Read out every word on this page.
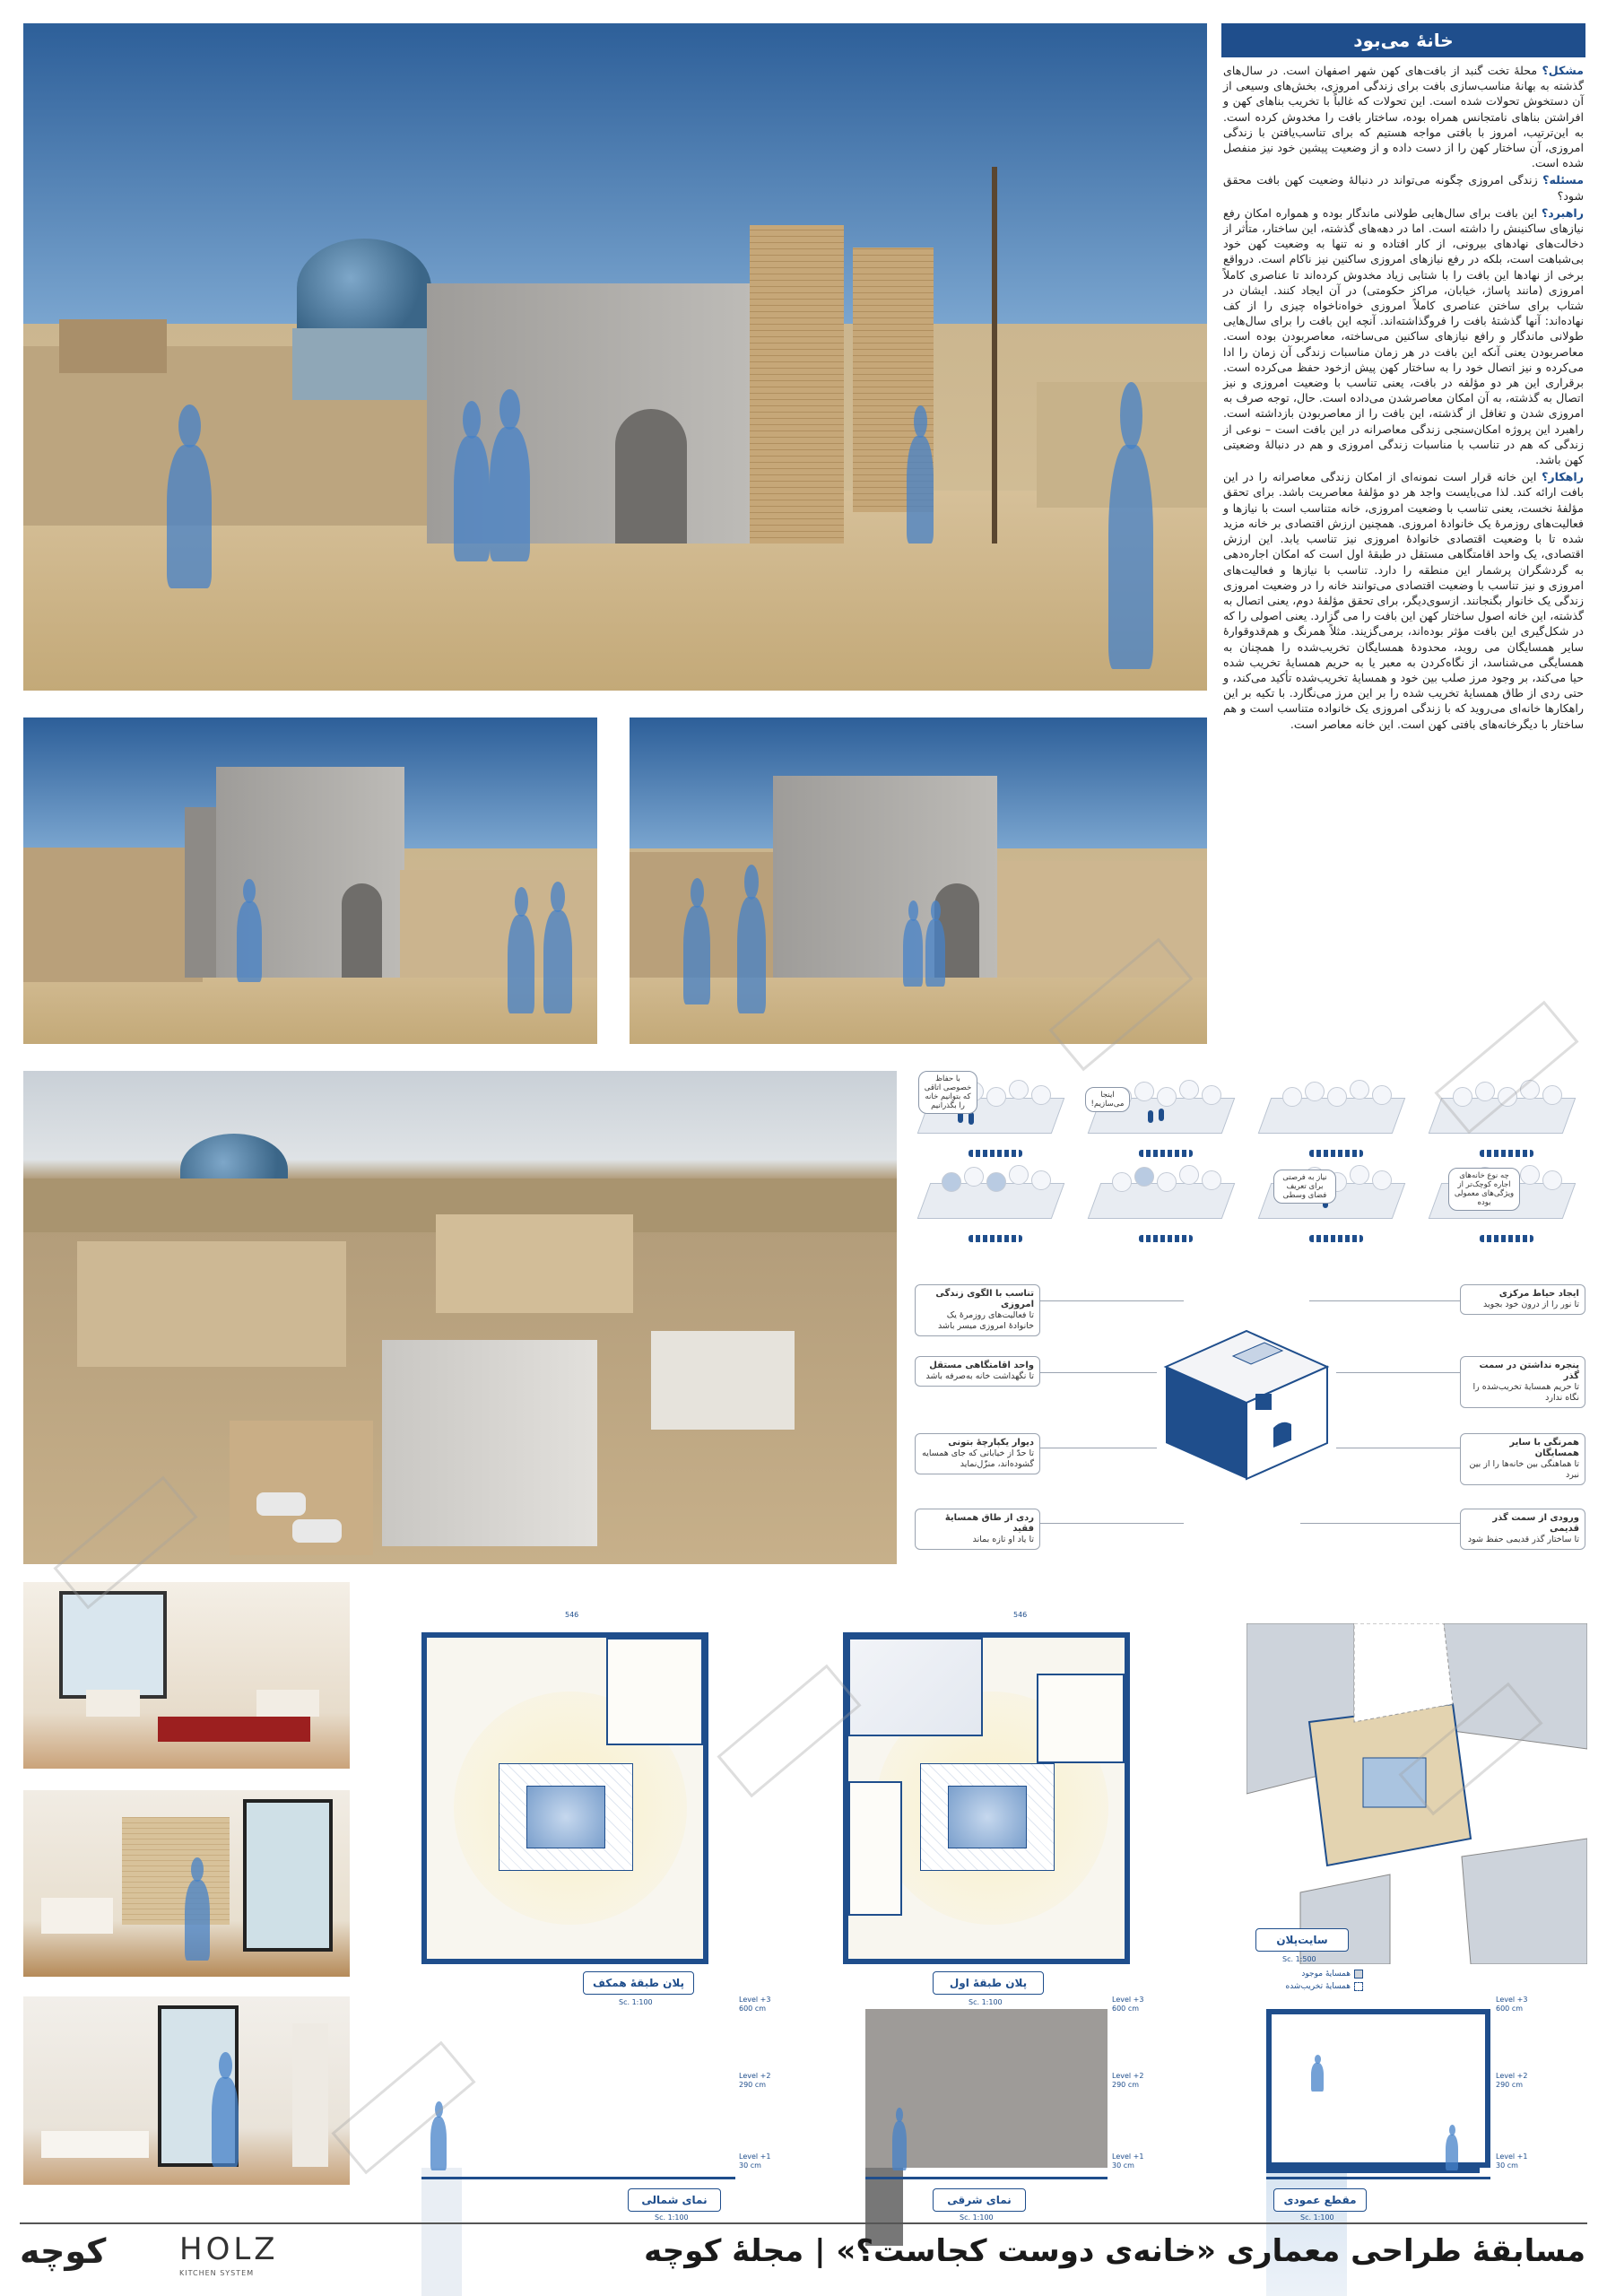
خانهٔ می‌بود

مشکل؟ محلهٔ تخت گنبد از بافت‌های کهن شهر اصفهان است. در سال‌های گذشته به بهانهٔ مناسب‌سازی بافت برای زندگی امروزی، بخش‌های وسیعی از آن دستخوش تحولات شده است. این تحولات که غالباً با تخریب بناهای کهن و افراشتن بناهای نامتجانس همراه بوده، ساختار بافت را مخدوش کرده است. به این‌ترتیب، امروز با بافتی مواجه هستیم که برای تناسب‌یافتن با زندگی امروزی، آن ساختار کهن را از دست داده و از وضعیت پیشین خود نیز منفصل شده است.

مسئله؟ زندگی امروزی چگونه می‌تواند در دنبالهٔ وضعیت کهن بافت محقق شود؟

راهبرد؟ این بافت برای سال‌هایی طولانی ماندگار بوده و همواره امکان رفع نیازهای ساکنینش را داشته است. اما در دهه‌های گذشته، این ساختار، متأثر از دخالت‌های نهادهای بیرونی، از کار افتاده و نه تنها به وضعیت کهن خود بی‌شباهت است، بلکه در رفع نیازهای امروزی ساکنین نیز ناکام است. درواقع برخی از نهادها این بافت را با شتابی زیاد مخدوش کرده‌اند تا عناصری کاملاً امروزی (مانند پاساژ، خیابان، مراکز حکومتی) در آن ایجاد کنند. ایشان در شتاب برای ساختن عناصری کاملاً امروزی خواه‌ناخواه چیزی را از کف نهاده‌اند: آنها گذشتهٔ بافت را فروگذاشته‌اند. آنچه این بافت را برای سال‌هایی طولانی ماندگار و رافع نیازهای ساکنین می‌ساخته، معاصربودن بوده است. معاصربودن یعنی آنکه این بافت در هر زمان مناسبات زندگی آن زمان را ادا می‌کرده و نیز اتصال خود را به ساختار کهن پیش ازخود حفظ می‌کرده است. برقراری این هر دو مؤلفه در بافت، یعنی تناسب با وضعیت امروزی و نیز اتصال به گذشته، به آن امکان معاصرشدن می‌داده است. حال، توجه صرف به امروزی شدن و تغافل از گذشته، این بافت را از معاصربودن بازداشته است. راهبرد این پروژه امکان‌سنجی زندگی معاصرانه در این بافت است – نوعی از زندگی که هم در تناسب با مناسبات زندگی امروزی و هم در دنبالهٔ وضعیتی کهن باشد.

راهکار؟ این خانه قرار است نمونه‌ای از امکان زندگی معاصرانه را در این بافت ارائه کند. لذا می‌بایست واجد هر دو مؤلفهٔ معاصریت باشد. برای تحقق مؤلفهٔ نخست، یعنی تناسب با وضعیت امروزی، خانه متناسب است با نیازها و فعالیت‌های روزمرهٔ یک خانوادهٔ امروزی. همچنین ارزش اقتصادی بر خانه مزید شده تا با وضعیت اقتصادی خانوادهٔ امروزی نیز تناسب یابد. این ارزش اقتصادی، یک واحد اقامتگاهی مستقل در طبقهٔ اول است که امکان اجاره‌دهی به گردشگران پرشمار این منطقه را دارد. تناسب با نیازها و فعالیت‌های امروزی و نیز تناسب با وضعیت اقتصادی می‌توانند خانه را در وضعیت امروزی زندگی یک خانوار بگنجانند. ازسوی‌دیگر، برای تحقق مؤلفهٔ دوم، یعنی اتصال به گذشته، این خانه اصول ساختار کهن این بافت را می گزارد. یعنی اصولی را که در شکل‌گیری این بافت مؤثر بوده‌اند، برمی‌گزیند. مثلاً همرنگ و هم‌قدوقوارهٔ سایر همسایگان می روید، محدودهٔ همسایگان تخریب‌شده را همچنان به همسایگی می‌شناسد، از نگاه‌کردن به معبر یا به حریم همسایهٔ تخریب شده حیا می‌کند، بر وجود مرز صلب بین خود و همسایهٔ تخریب‌شده تأکید می‌کند، و حتی ردی از طاق همسایهٔ تخریب شده را بر این مرز می‌نگارد. با تکیه بر این راهکارها خانه‌ای می‌روید که با زندگی امروزی یک خانواده متناسب است و هم ساختار با دیگرخانه‌های بافتی کهن است. این خانه معاصر است.

با حفاظ خصوصی اتاقی که بتوانیم خانه را بگذرانیم
اینجا می‌سازیم!
نیاز به فرصتی برای تعریف فضای وسطی
چه نوع خانه‌های اجاره کوچک‌تر از ویژگی‌های معمولی بوده
تناسب با الگوی زندگی امروزی
تا فعالیت‌های روزمرهٔ یک خانوادهٔ امروزی میسر باشد
واحد اقامتگاهی مستقل
تا نگهداشت خانه به‌صرفه باشد
دیوار یکپارچهٔ بتونی
تا حدّ از خیابانی که جای همسایه گشوده‌اند، منزّل‌نماید
ردی از طاق همسایهٔ فقید
تا یاد او تازه بماند
ایجاد حیاط مرکزی
تا نور را از درون خود بجوید
پنجره نداشتن در سمت گذر
تا حریم همسایهٔ تخریب‌شده را نگاه ندارد
همرنگی با سایر همسایگان
تا هماهنگی بین خانه‌ها را از بین نبرد
ورودی از سمت گذر قدیمی
تا ساختار گذر قدیمی حفظ شود
546
پلان طبقهٔ همکف
Sc. 1:100
546
پلان طبقهٔ اول
Sc. 1:100
سایت‌پلان
Sc. 1:500
همسایهٔ موجود
همسایهٔ تخریب‌شده
Level +3
600 cm
Level +2
290 cm
Level +1
30 cm
نمای شمالی
Sc. 1:100
Level +3
600 cm
Level +2
290 cm
Level +1
30 cm
نمای شرقی
Sc. 1:100
Level +3
600 cm
Level +2
290 cm
Level +1
30 cm
مقطع عمودی
Sc. 1:100
کوچه HOLZ
KITCHEN SYSTEM
مسابقهٔ طراحی معماری «خانه‌ی دوست کجاست؟» | مجلهٔ کوچه
